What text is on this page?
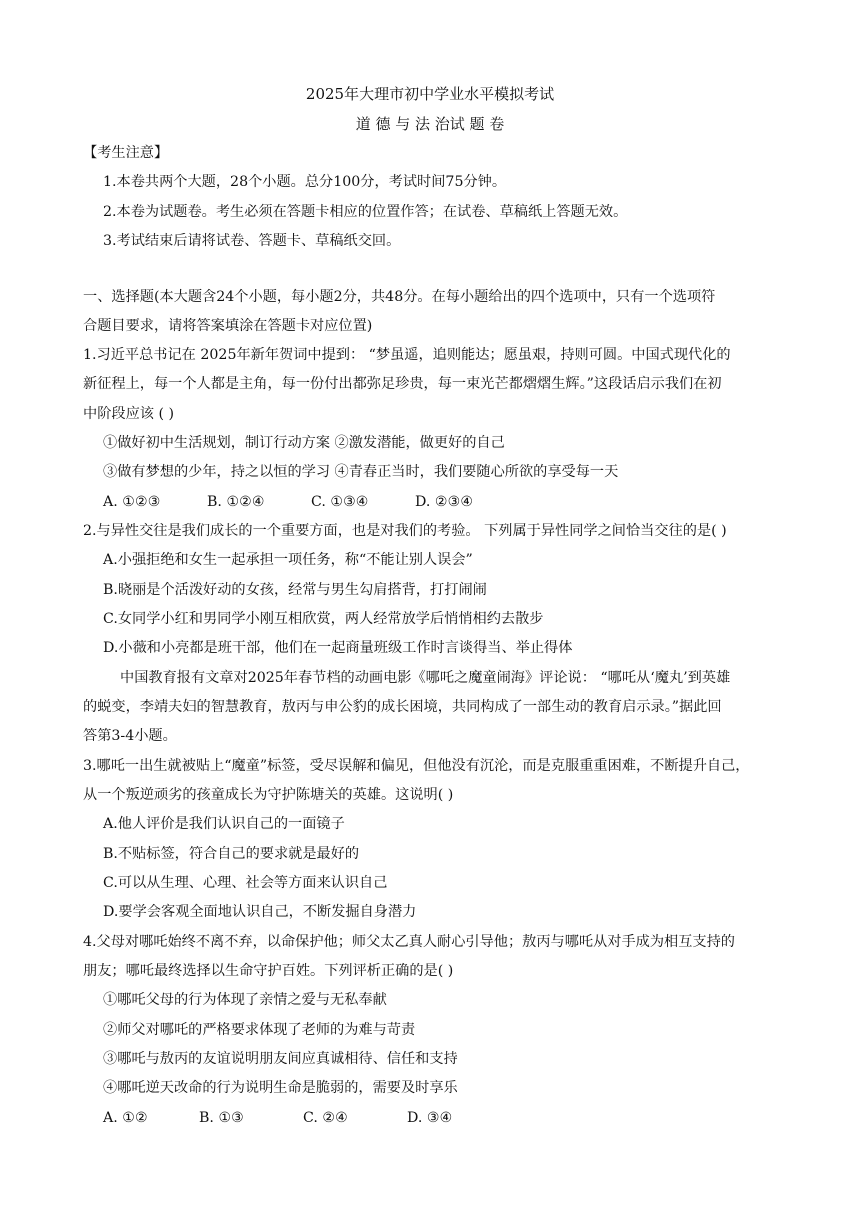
2025年大理市初中学业水平模拟考试
道 德 与 法 治试 题 卷
【考生注意】
1.本卷共两个大题，28个小题。总分100分，考试时间75分钟。
2.本卷为试题卷。考生必须在答题卡相应的位置作答；在试卷、草稿纸上答题无效。
3.考试结束后请将试卷、答题卡、草稿纸交回。
一、选择题(本大题含24个小题，每小题2分，共48分。在每小题给出的四个选项中，只有一个选项符
合题目要求，请将答案填涂在答题卡对应位置)
1.习近平总书记在 2025年新年贺词中提到： “梦虽遥，追则能达；愿虽艰，持则可圆。中国式现代化的
新征程上，每一个人都是主角，每一份付出都弥足珍贵，每一束光芒都熠熠生辉。”这段话启示我们在初
中阶段应该 ( )
①做好初中生活规划，制订行动方案 ②激发潜能，做更好的自己
③做有梦想的少年，持之以恒的学习 ④青春正当时，我们要随心所欲的享受每一天
A. ①②③	B. ①②④	C. ①③④	D. ②③④
2.与异性交往是我们成长的一个重要方面，也是对我们的考验。 下列属于异性同学之间恰当交往的是( )
A.小强拒绝和女生一起承担一项任务，称“不能让别人误会”
B.晓丽是个活泼好动的女孩，经常与男生勾肩搭背，打打闹闹
C.女同学小红和男同学小刚互相欣赏，两人经常放学后悄悄相约去散步
D.小薇和小亮都是班干部，他们在一起商量班级工作时言谈得当、举止得体
中国教育报有文章对2025年春节档的动画电影《哪吒之魔童闹海》评论说： “哪吒从‘魔丸’到英雄
的蜕变，李靖夫妇的智慧教育，敖丙与申公豹的成长困境，共同构成了一部生动的教育启示录。”据此回
答第3-4小题。
3.哪吒一出生就被贴上“魔童”标签，受尽误解和偏见，但他没有沉沦，而是克服重重困难，不断提升自己，
从一个叛逆顽劣的孩童成长为守护陈塘关的英雄。这说明( )
A.他人评价是我们认识自己的一面镜子
B.不贴标签，符合自己的要求就是最好的
C.可以从生理、心理、社会等方面来认识自己
D.要学会客观全面地认识自己，不断发掘自身潜力
4.父母对哪吒始终不离不弃，以命保护他；师父太乙真人耐心引导他；敖丙与哪吒从对手成为相互支持的
朋友；哪吒最终选择以生命守护百姓。下列评析正确的是( )
①哪吒父母的行为体现了亲情之爱与无私奉献
②师父对哪吒的严格要求体现了老师的为难与苛责
③哪吒与敖丙的友谊说明朋友间应真诚相待、信任和支持
④哪吒逆天改命的行为说明生命是脆弱的，需要及时享乐
A. ①②	B. ①③	C. ②④	D. ③④
